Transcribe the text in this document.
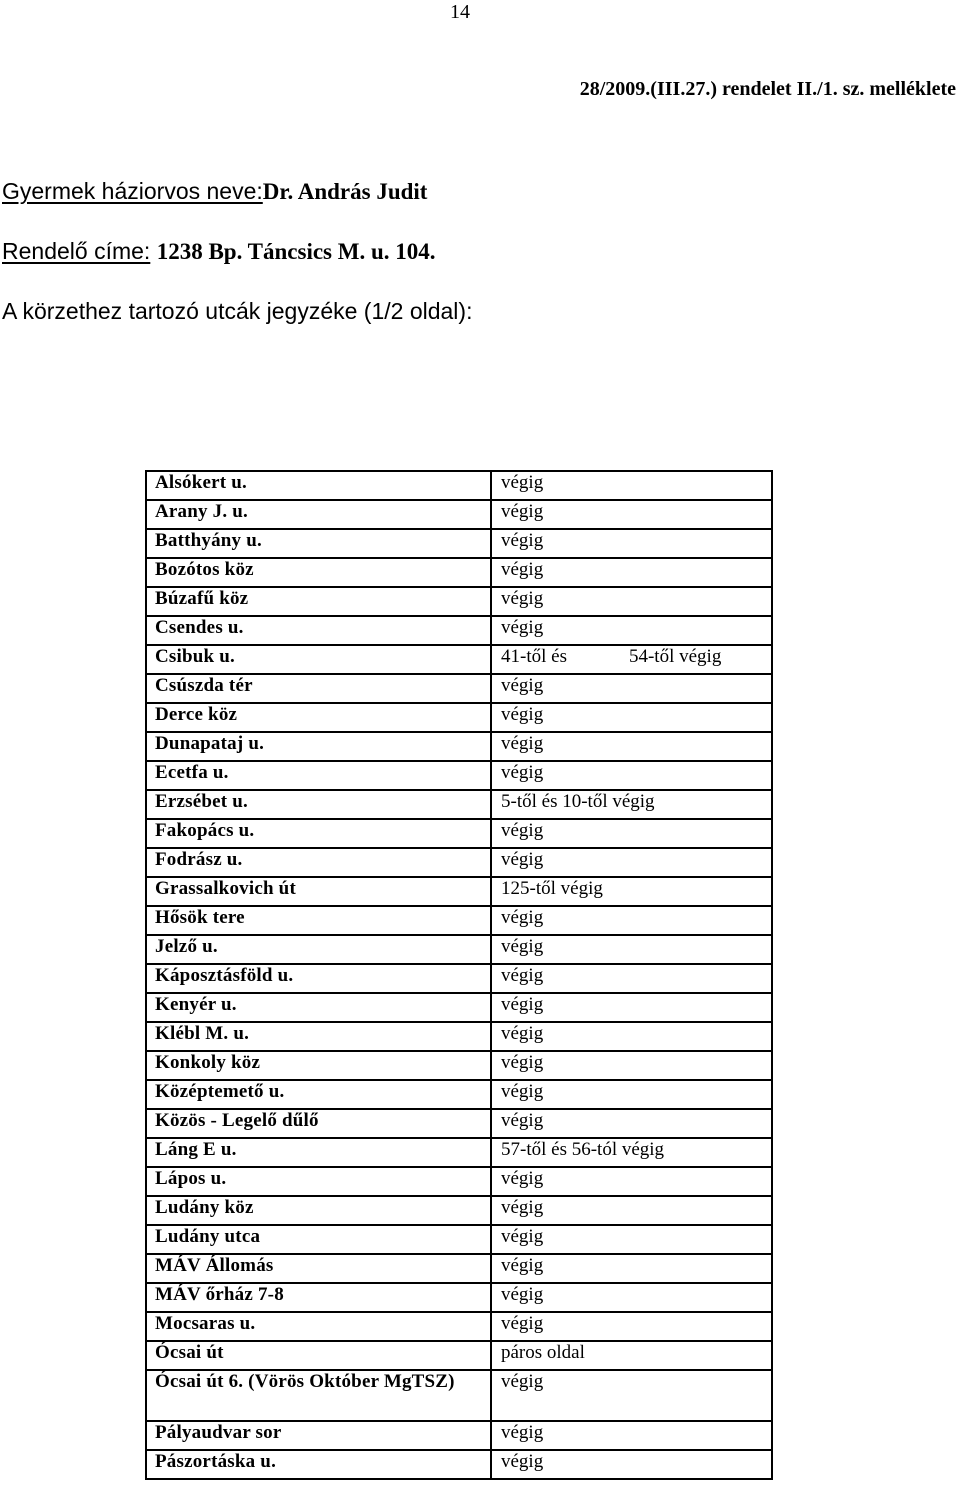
14
28/2009.(III.27.) rendelet II./1. sz. melléklete
Gyermek háziorvos neve:Dr. András Judit
Rendelő címe: 1238 Bp. Táncsics M. u. 104.
A körzethez tartozó utcák jegyzéke (1/2 oldal):
Alsókert u.	végig
Arany J. u.	végig
Batthyány u.	végig
Bozótos köz	végig
Búzafű köz	végig
Csendes u.	végig
Csibuk u.	41-től és 54-től végig
Csúszda tér	végig
Derce köz	végig
Dunapataj u.	végig
Ecetfa u.	végig
Erzsébet u.	5-től és 10-től végig
Fakopács u.	végig
Fodrász u.	végig
Grassalkovich út	125-től végig
Hősök tere	végig
Jelző u.	végig
Káposztásföld u.	végig
Kenyér u.	végig
Klébl M. u.	végig
Konkoly köz	végig
Középtemető u.	végig
Közös - Legelő dűlő	végig
Láng E u.	57-től és 56-tól végig
Lápos u.	végig
Ludány köz	végig
Ludány utca	végig
MÁV Állomás	végig
MÁV őrház 7-8	végig
Mocsaras u.	végig
Ócsai út	páros oldal
Ócsai út 6. (Vörös Október MgTSZ)	végig
Pályaudvar sor	végig
Pászortáska u.	végig
